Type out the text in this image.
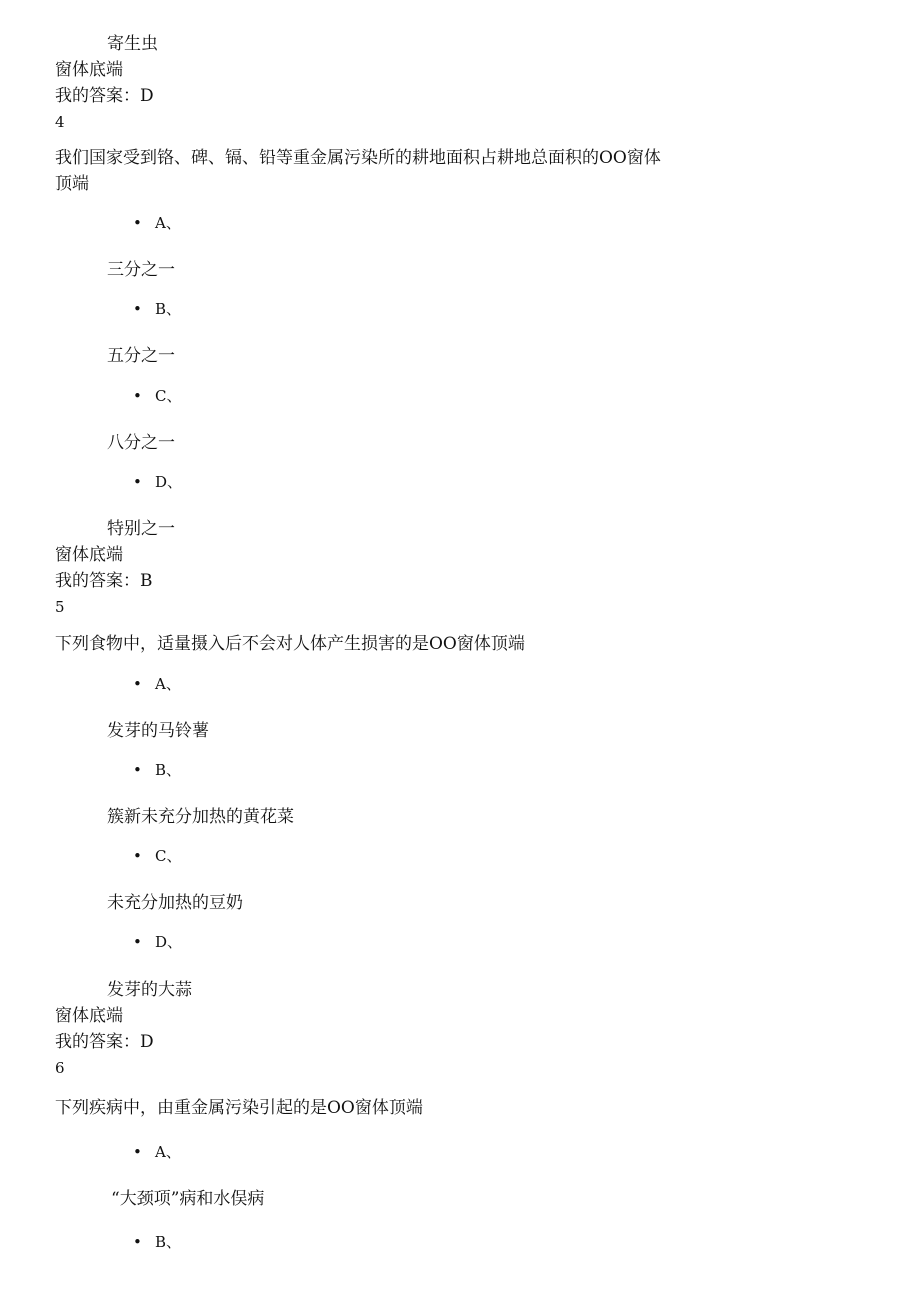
寄生虫
窗体底端
我的答案：D
4
我们国家受到铬、碑、镉、铅等重金属污染所的耕地面积占耕地总面积的OO窗体
顶端
• A、
三分之一
• B、
五分之一
• C、
八分之一
• D、
特别之一
窗体底端
我的答案：B
5
下列食物中，适量摄入后不会对人体产生损害的是OO窗体顶端
• A、
发芽的马铃薯
• B、
簇新未充分加热的黄花菜
• C、
未充分加热的豆奶
• D、
发芽的大蒜
窗体底端
我的答案：D
6
下列疾病中，由重金属污染引起的是OO窗体顶端
• A、
“大颈项”病和水俣病
• B、
